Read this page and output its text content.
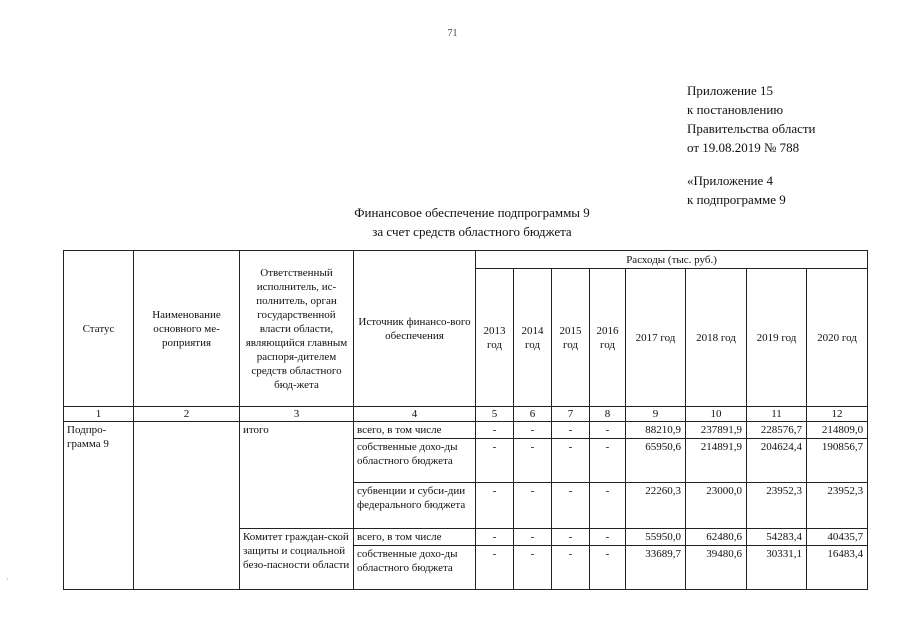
71
Приложение 15
к постановлению
Правительства области
от 19.08.2019 № 788
«Приложение 4
к подпрограмме 9
Финансовое обеспечение подпрограммы 9
за счет средств областного бюджета
Статус	Наименование основного ме-роприятия	Ответственный исполнитель, ис-полнитель, орган государственной власти области, являющийся главным распоря-дителем средств областного бюд-жета	Источник финансо-вого обеспечения	Расходы (тыс. руб.)							
				2013 год	2014 год	2015 год	2016 год	2017 год	2018 год	2019 год	2020 год
1	2	3	4	5	6	7	8	9	10	11	12
Подпро-грамма 9		итого	всего, в том числе	-	-	-	-	88210,9	237891,9	228576,7	214809,0
			собственные дохо-ды областного бюджета	-	-	-	-	65950,6	214891,9	204624,4	190856,7
			субвенции и субси-дии федерального бюджета	-	-	-	-	22260,3	23000,0	23952,3	23952,3
		Комитет граждан-ской защиты и социальной безо-пасности области	всего, в том числе	-	-	-	-	55950,0	62480,6	54283,4	40435,7
			собственные дохо-ды областного бюджета	-	-	-	-	33689,7	39480,6	30331,1	16483,4
·
